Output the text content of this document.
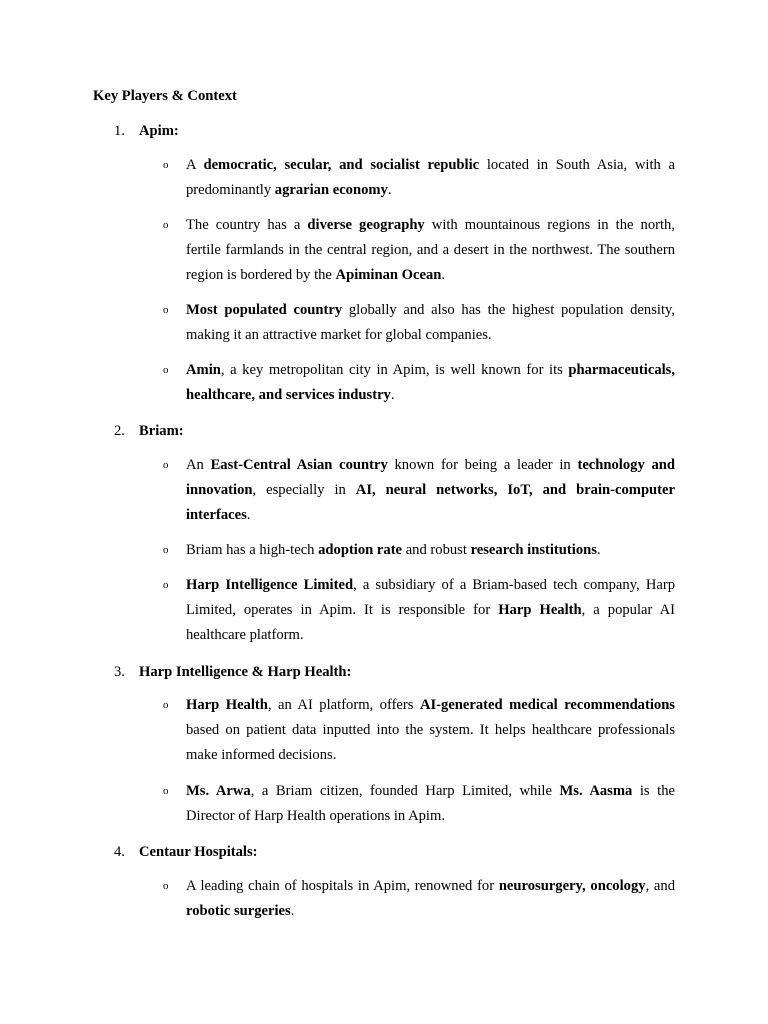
Key Players & Context
1. Apim:
o	A democratic, secular, and socialist republic located in South Asia, with a predominantly agrarian economy.

o	The country has a diverse geography with mountainous regions in the north, fertile farmlands in the central region, and a desert in the northwest. The southern region is bordered by the Apiminan Ocean.

o	Most populated country globally and also has the highest population density, making it an attractive market for global companies.

o	Amin, a key metropolitan city in Apim, is well known for its pharmaceuticals, healthcare, and services industry.

2. Briam:
o	An East-Central Asian country known for being a leader in technology and innovation, especially in AI, neural networks, IoT, and brain-computer interfaces.

o	Briam has a high-tech adoption rate and robust research institutions.

o	Harp Intelligence Limited, a subsidiary of a Briam-based tech company, Harp Limited, operates in Apim. It is responsible for Harp Health, a popular AI healthcare platform.

3. Harp Intelligence & Harp Health:
o	Harp Health, an AI platform, offers AI-generated medical recommendations based on patient data inputted into the system. It helps healthcare professionals make informed decisions.

o	Ms. Arwa, a Briam citizen, founded Harp Limited, while Ms. Aasma is the Director of Harp Health operations in Apim.

4. Centaur Hospitals:
o	A leading chain of hospitals in Apim, renowned for neurosurgery, oncology, and robotic surgeries.
